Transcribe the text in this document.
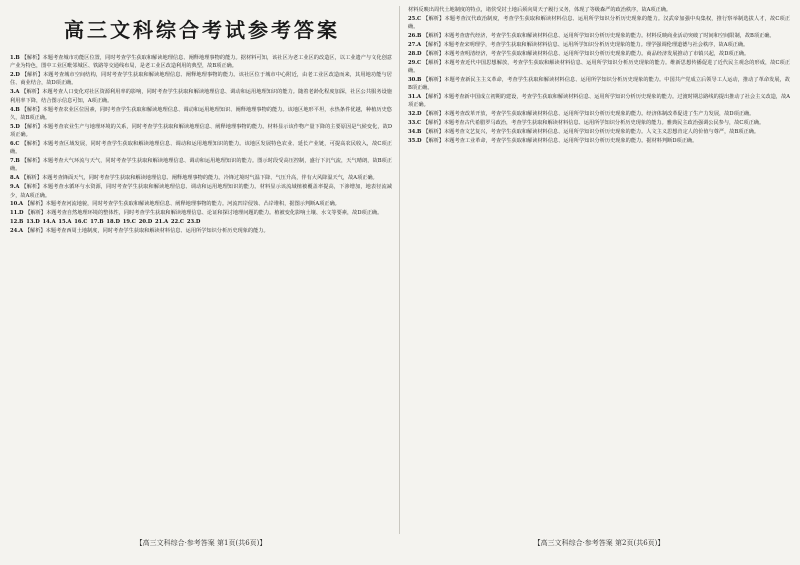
高三文科综合考试参考答案

1.B 【解析】本题考查城市功能区位置，同时考查学生获取和解读地理信息、阐释地理事物的能力。据材料可知，该社区为老工业区的改造区，以工业遗产与文化创意产业为特色，图中工业区毗邻城区、铁路等交通线布局，是老工业区改造利用的典型，故B项正确。

2.D 【解析】本题考查城市空间结构，同时考查学生获取和解读地理信息、阐释地理事物的能力。该社区位于城市中心附近，由老工业区改造而来，其用地功能与居住、商业结合，故D项正确。

3.A 【解析】本题考查人口变化对社区资源利用率的影响，同时考查学生获取和解读地理信息、调动和运用地理知识的能力。随着老龄化程度加深，社区公共服务设施利用率下降，结合图示信息可知，A项正确。

4.B 【解析】本题考查农业区位因素，同时考查学生获取和解读地理信息、调动和运用地理知识、阐释地理事物的能力。该地区地形平坦，水热条件优越，种植历史悠久，故B项正确。

5.D 【解析】本题考查农业生产与地理环境的关系，同时考查学生获取和解读地理信息、阐释地理事物的能力。材料显示该作物产量下降的主要原因是气候变化，故D项正确。

6.C 【解析】本题考查区域发展，同时考查学生获取和解读地理信息、调动和运用地理知识的能力。该地区发展特色农业、延长产业链，可提高农民收入，故C项正确。

7.B 【解析】本题考查大气环流与天气，同时考查学生获取和解读地理信息、调动和运用地理知识的能力。图示时段受高压控制，盛行下沉气流，天气晴朗，故B项正确。

8.A 【解析】本题考查锋面天气，同时考查学生获取和解读地理信息、阐释地理事物的能力。冷锋过境时气温下降、气压升高，伴有大风降温天气，故A项正确。

9.A 【解析】本题考查水循环与水资源，同时考查学生获取和解读地理信息、调动和运用地理知识的能力。材料显示该流域植被覆盖率提高，下渗增加，地表径流减少，故A项正确。

10.A 【解析】本题考查河流地貌，同时考查学生获取和解读地理信息、阐释地理事物的能力。河流凹岸侵蚀、凸岸堆积，据图示判断A项正确。

11.D 【解析】本题考查自然地理环境的整体性，同时考查学生获取和解读地理信息、论证和探讨地理问题的能力。植被变化影响土壤、水文等要素，故D项正确。

12.B 13.D 14.A 15.A 16.C 17.B 18.D 19.C 20.D 21.A 22.C 23.D

24.A 【解析】本题考查西周土地制度，同时考查学生获取和解读材料信息、运用所学知识分析历史现象的能力。

材料反映出周代土地制度的特点，诸侯受封土地后须向周天子履行义务，体现了等级森严的政治秩序，故A项正确。

25.C 【解析】本题考查汉代政治制度，考查学生获取和解读材料信息、运用所学知识分析历史现象的能力。汉武帝加强中央集权，推行察举制选拔人才，故C项正确。

26.B 【解析】本题考查唐代经济，考查学生获取和解读材料信息、运用所学知识分析历史现象的能力。材料反映商业活动突破了时间和空间限制，故B项正确。

27.A 【解析】本题考查宋明理学，考查学生获取和解读材料信息、运用所学知识分析历史现象的能力。理学强调伦理道德与社会秩序，故A项正确。

28.D 【解析】本题考查明清经济，考查学生获取和解读材料信息、运用所学知识分析历史现象的能力。商品经济发展推动了市镇兴起，故D项正确。

29.C 【解析】本题考查近代中国思想解放，考查学生获取和解读材料信息、运用所学知识分析历史现象的能力。维新思想传播促进了近代民主观念的形成，故C项正确。

30.B 【解析】本题考查新民主主义革命，考查学生获取和解读材料信息、运用所学知识分析历史现象的能力。中国共产党成立后领导工人运动，推动了革命发展，故B项正确。

31.A 【解析】本题考查新中国成立初期的建设，考查学生获取和解读材料信息、运用所学知识分析历史现象的能力。过渡时期总路线的提出推动了社会主义改造，故A项正确。

32.D 【解析】本题考查改革开放，考查学生获取和解读材料信息、运用所学知识分析历史现象的能力。经济体制改革促进了生产力发展，故D项正确。

33.C 【解析】本题考查古代希腊罗马政治，考查学生获取和解读材料信息、运用所学知识分析历史现象的能力。雅典民主政治强调公民参与，故C项正确。

34.B 【解析】本题考查文艺复兴，考查学生获取和解读材料信息、运用所学知识分析历史现象的能力。人文主义思想肯定人的价值与尊严，故B项正确。

35.D 【解析】本题考查工业革命，考查学生获取和解读材料信息、运用所学知识分析历史现象的能力。据材料判断D项正确。

【高三文科综合·参考答案 第1页(共6页)】	【高三文科综合·参考答案 第2页(共6页)】
